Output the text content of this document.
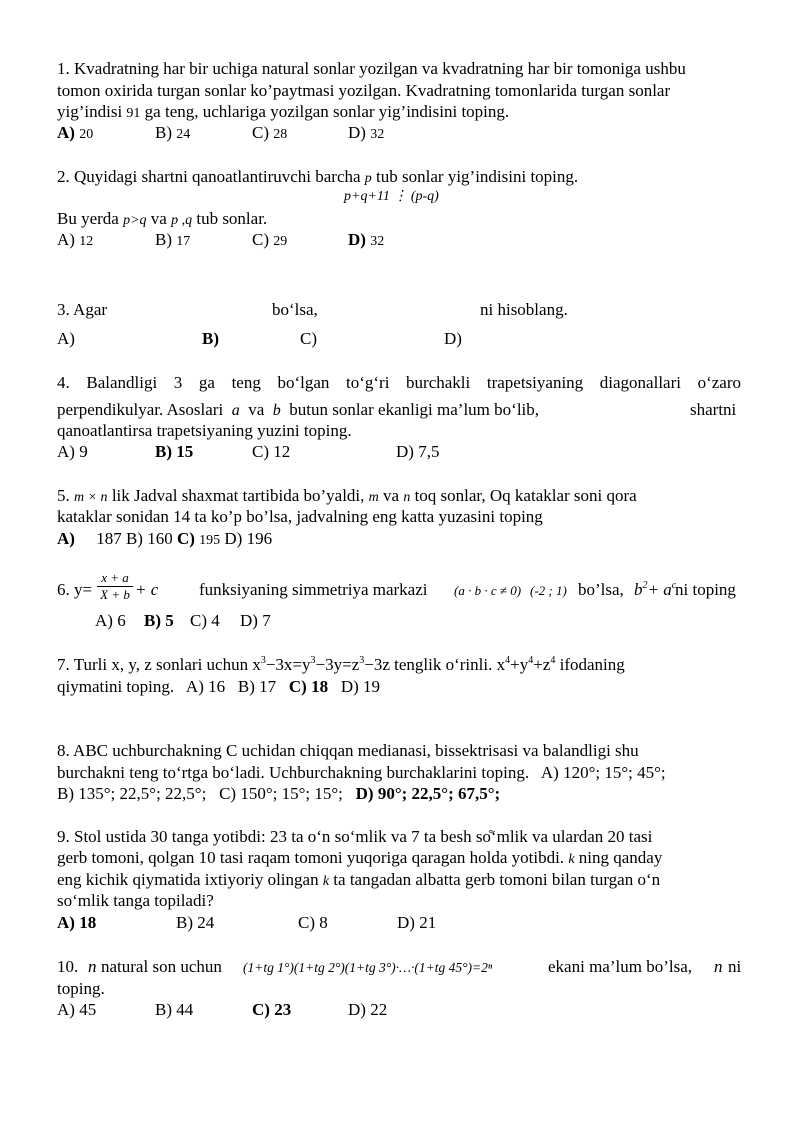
1. Kvadratning har bir uchiga natural sonlar yozilgan va kvadratning har bir tomoniga ushbu
tomon oxirida turgan sonlar ko’paytmasi yozilgan. Kvadratning tomonlarida turgan sonlar
yig’indisi 91 ga teng, uchlariga yozilgan sonlar yig’indisini toping.
A) 20	B) 24	C) 28	D) 32
2. Quyidagi shartni qanoatlantiruvchi barcha p tub sonlar yig’indisini toping.
p+q+11 ⋮ (p-q)
Bu yerda p>q va p ,q tub sonlar.
A) 12	B) 17	C) 29	D) 32
3. Agar	bo‘lsa,	ni hisoblang.
A)	B)	C)	D)
4. Balandligi 3 ga teng bo‘lgan to‘g‘ri burchakli trapetsiyaning diagonallari o‘zaro
perpendikulyar. Asoslari a va b butun sonlar ekanligi ma’lum bo‘lib,	shartni
qanoatlantirsa trapetsiyaning yuzini toping.
A) 9	B) 15	C) 12	D) 7,5
5. m × n lik Jadval shaxmat tartibida bo’yaldi, m va n toq sonlar, Oq kataklar soni qora
kataklar sonidan 14 ta ko’p bo’lsa, jadvalning eng katta yuzasini toping
A) 187 B) 160 C) 195 D) 196
6. $y= \frac{x + a}{X + b} + c$ funksiyaning simmetriya markazi (a · b · c ≠ 0) (-2 ; 1) bo’lsa, $b^2+ a^c$
ni toping
A) 6 B) 5 C) 4 D) 7
7. Turli x, y, z sonlari uchun $x^3-3x=y^3-3y=z^3-3z$ tenglik o‘rinli. $x^4+y^4+z^4$ ifodaning
qiymatini toping. A) 16 B) 17 C) 18 D) 19
8. ABC uchburchakning C uchidan chiqqan medianasi, bissektrisasi va balandligi shu
burchakni teng to‘rtga bo‘ladi. Uchburchakning burchaklarini toping. A) 120°; 15°; 45°;
B) 135°; 22,5°; 22,5°; C) 150°; 15°; 15°; D) 90°; 22,5°; 67,5°;
9. Stol ustida 30 tanga yotibdi: 23 ta o‘n so‘mlik va 7 ta besh so̊‘mlik va ulardan 20 tasi
gerb tomoni, qolgan 10 tasi raqam tomoni yuqoriga qaragan holda yotibdi. k ning qanday
eng kichik qiymatida ixtiyoriy olingan k ta tangadan albatta gerb tomoni bilan turgan o‘n
so‘mlik tanga topiladi?
A) 18	B) 24	C) 8	D) 21
10. n natural son uchun (1+tg 1°)(1+tg 2°)(1+tg 3°)·…·(1+tg 45°)=2ⁿ	ekani ma’lum bo’lsa, n ni
toping.
A) 45	B) 44	C) 23	D) 22
